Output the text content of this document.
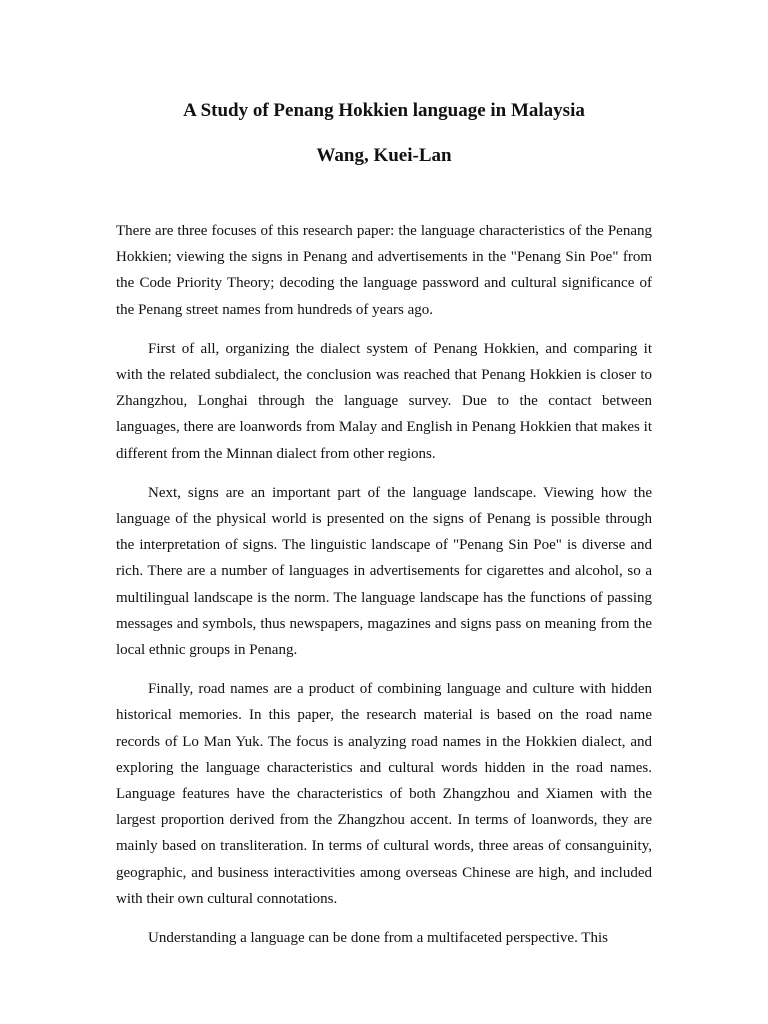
A Study of Penang Hokkien language in Malaysia
Wang, Kuei-Lan

There are three focuses of this research paper: the language characteristics of the Penang Hokkien; viewing the signs in Penang and advertisements in the "Penang Sin Poe" from the Code Priority Theory; decoding the language password and cultural significance of the Penang street names from hundreds of years ago.

First of all, organizing the dialect system of Penang Hokkien, and comparing it with the related subdialect, the conclusion was reached that Penang Hokkien is closer to Zhangzhou, Longhai through the language survey. Due to the contact between languages, there are loanwords from Malay and English in Penang Hokkien that makes it different from the Minnan dialect from other regions.

Next, signs are an important part of the language landscape. Viewing how the language of the physical world is presented on the signs of Penang is possible through the interpretation of signs. The linguistic landscape of "Penang Sin Poe" is diverse and rich. There are a number of languages in advertisements for cigarettes and alcohol, so a multilingual landscape is the norm. The language landscape has the functions of passing messages and symbols, thus newspapers, magazines and signs pass on meaning from the local ethnic groups in Penang.

Finally, road names are a product of combining language and culture with hidden historical memories. In this paper, the research material is based on the road name records of Lo Man Yuk. The focus is analyzing road names in the Hokkien dialect, and exploring the language characteristics and cultural words hidden in the road names. Language features have the characteristics of both Zhangzhou and Xiamen with the largest proportion derived from the Zhangzhou accent. In terms of loanwords, they are mainly based on transliteration. In terms of cultural words, three areas of consanguinity, geographic, and business interactivities among overseas Chinese are high, and included with their own cultural connotations.

Understanding a language can be done from a multifaceted perspective. This
